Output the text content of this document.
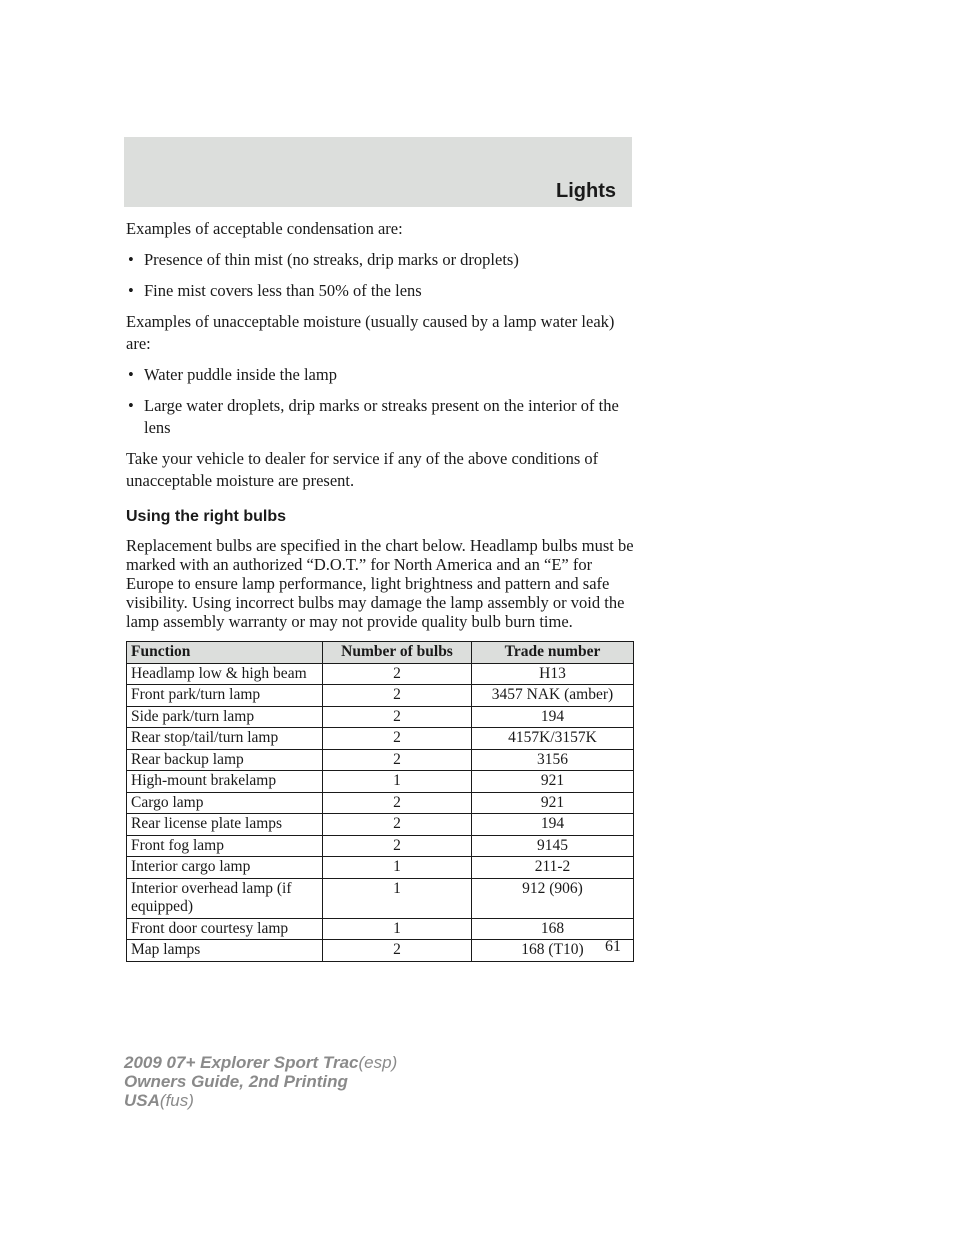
Lights

Examples of acceptable condensation are:

• Presence of thin mist (no streaks, drip marks or droplets)
• Fine mist covers less than 50% of the lens

Examples of unacceptable moisture (usually caused by a lamp water leak) are:

• Water puddle inside the lamp
• Large water droplets, drip marks or streaks present on the interior of the lens

Take your vehicle to dealer for service if any of the above conditions of unacceptable moisture are present.

Using the right bulbs

Replacement bulbs are specified in the chart below. Headlamp bulbs must be marked with an authorized “D.O.T.” for North America and an “E” for Europe to ensure lamp performance, light brightness and pattern and safe visibility. Using incorrect bulbs may damage the lamp assembly or void the lamp assembly warranty or may not provide quality bulb burn time.

Function	Number of bulbs	Trade number
Headlamp low & high beam	2	H13
Front park/turn lamp	2	3457 NAK (amber)
Side park/turn lamp	2	194
Rear stop/tail/turn lamp	2	4157K/3157K
Rear backup lamp	2	3156
High-mount brakelamp	1	921
Cargo lamp	2	921
Rear license plate lamps	2	194
Front fog lamp	2	9145
Interior cargo lamp	1	211-2
Interior overhead lamp (if equipped)	1	912 (906)
Front door courtesy lamp	1	168
Map lamps	2	168 (T10) 61
2009 07+ Explorer Sport Trac(esp)
Owners Guide, 2nd Printing
USA(fus)
